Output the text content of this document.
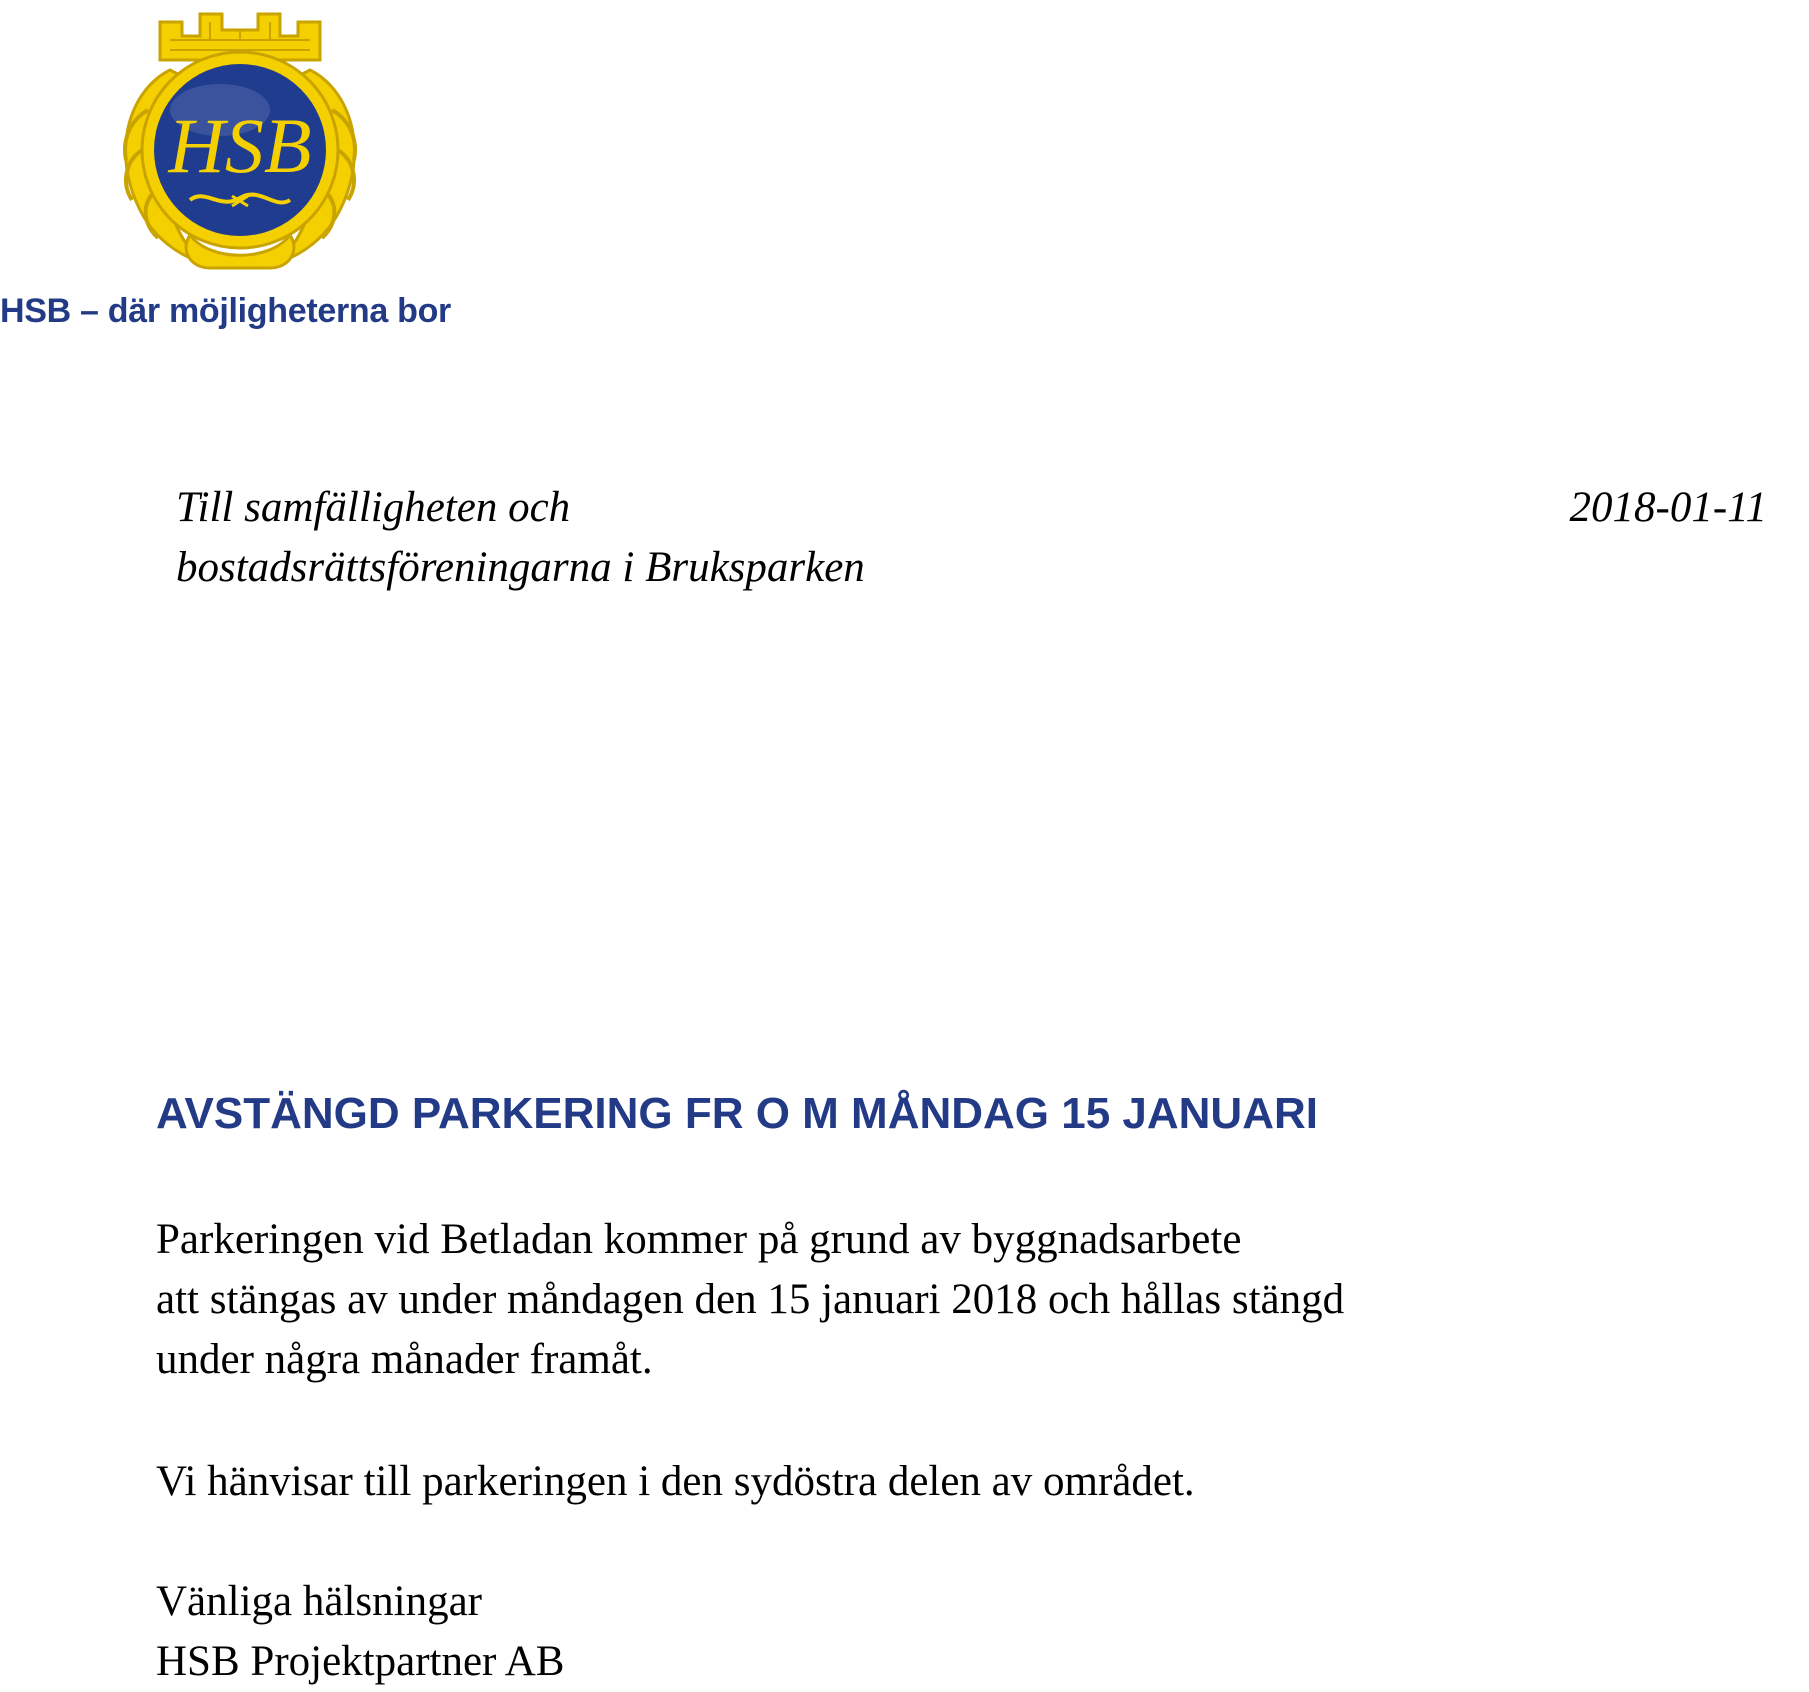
HSB
HSB – där möjligheterna bor
Till samfälligheten och
bostadsrättsföreningarna i Bruksparken
2018-01-11
AVSTÄNGD PARKERING FR O M MÅNDAG 15 JANUARI
Parkeringen vid Betladan kommer på grund av byggnadsarbete
att stängas av under måndagen den 15 januari 2018 och hållas stängd
under några månader framåt.
Vi hänvisar till parkeringen i den sydöstra delen av området.
Vänliga hälsningar
HSB Projektpartner AB
